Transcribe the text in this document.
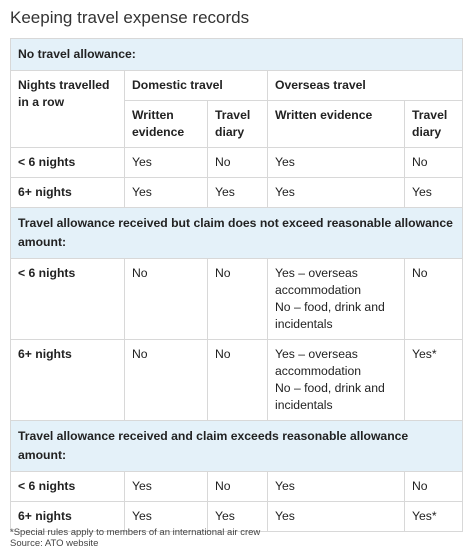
Keeping travel expense records
No travel allowance:				
Nights travelled in a row	Domestic travel		Overseas travel	
	Written evidence	Travel diary	Written evidence	Travel diary
< 6 nights	Yes	No	Yes	No
6+ nights	Yes	Yes	Yes	Yes
Travel allowance received but claim does not exceed reasonable allowance amount:				
< 6 nights	No	No	Yes – overseas accommodation
No – food, drink and incidentals	No
6+ nights	No	No	Yes – overseas accommodation
No – food, drink and incidentals	Yes*
Travel allowance received and claim exceeds reasonable allowance amount:				
< 6 nights	Yes	No	Yes	No
6+ nights	Yes	Yes	Yes	Yes*
*Special rules apply to members of an international air crew
Source: ATO website
